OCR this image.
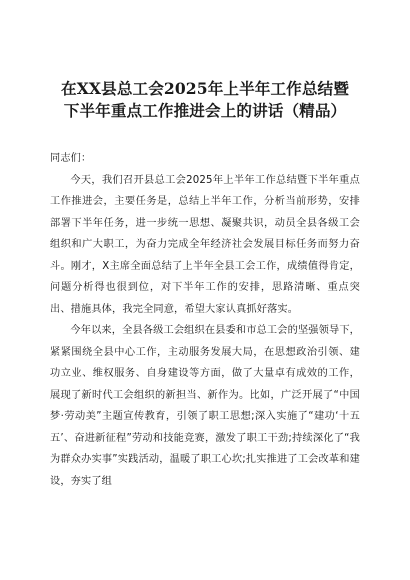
在XX县总工会2025年上半年工作总结暨
下半年重点工作推进会上的讲话（精品）

同志们：

今天，我们召开县总工会2025年上半年工作总结暨下半年重点工作推进会，主要任务是，总结上半年工作，分析当前形势，安排部署下半年任务，进一步统一思想、凝聚共识，动员全县各级工会组织和广大职工，为奋力完成全年经济社会发展目标任务而努力奋斗。刚才，X主席全面总结了上半年全县工会工作，成绩值得肯定，问题分析得也很到位，对下半年工作的安排，思路清晰、重点突出、措施具体，我完全同意，希望大家认真抓好落实。

今年以来，全县各级工会组织在县委和市总工会的坚强领导下，紧紧围绕全县中心工作，主动服务发展大局，在思想政治引领、建功立业、维权服务、自身建设等方面，做了大量卓有成效的工作，展现了新时代工会组织的新担当、新作为。比如，广泛开展了“中国梦·劳动美”主题宣传教育，引领了职工思想;深入实施了“建功‘十五五’、奋进新征程”劳动和技能竞赛，激发了职工干劲;持续深化了“我为群众办实事”实践活动，温暖了职工心坎;扎实推进了工会改革和建设，夯实了组
